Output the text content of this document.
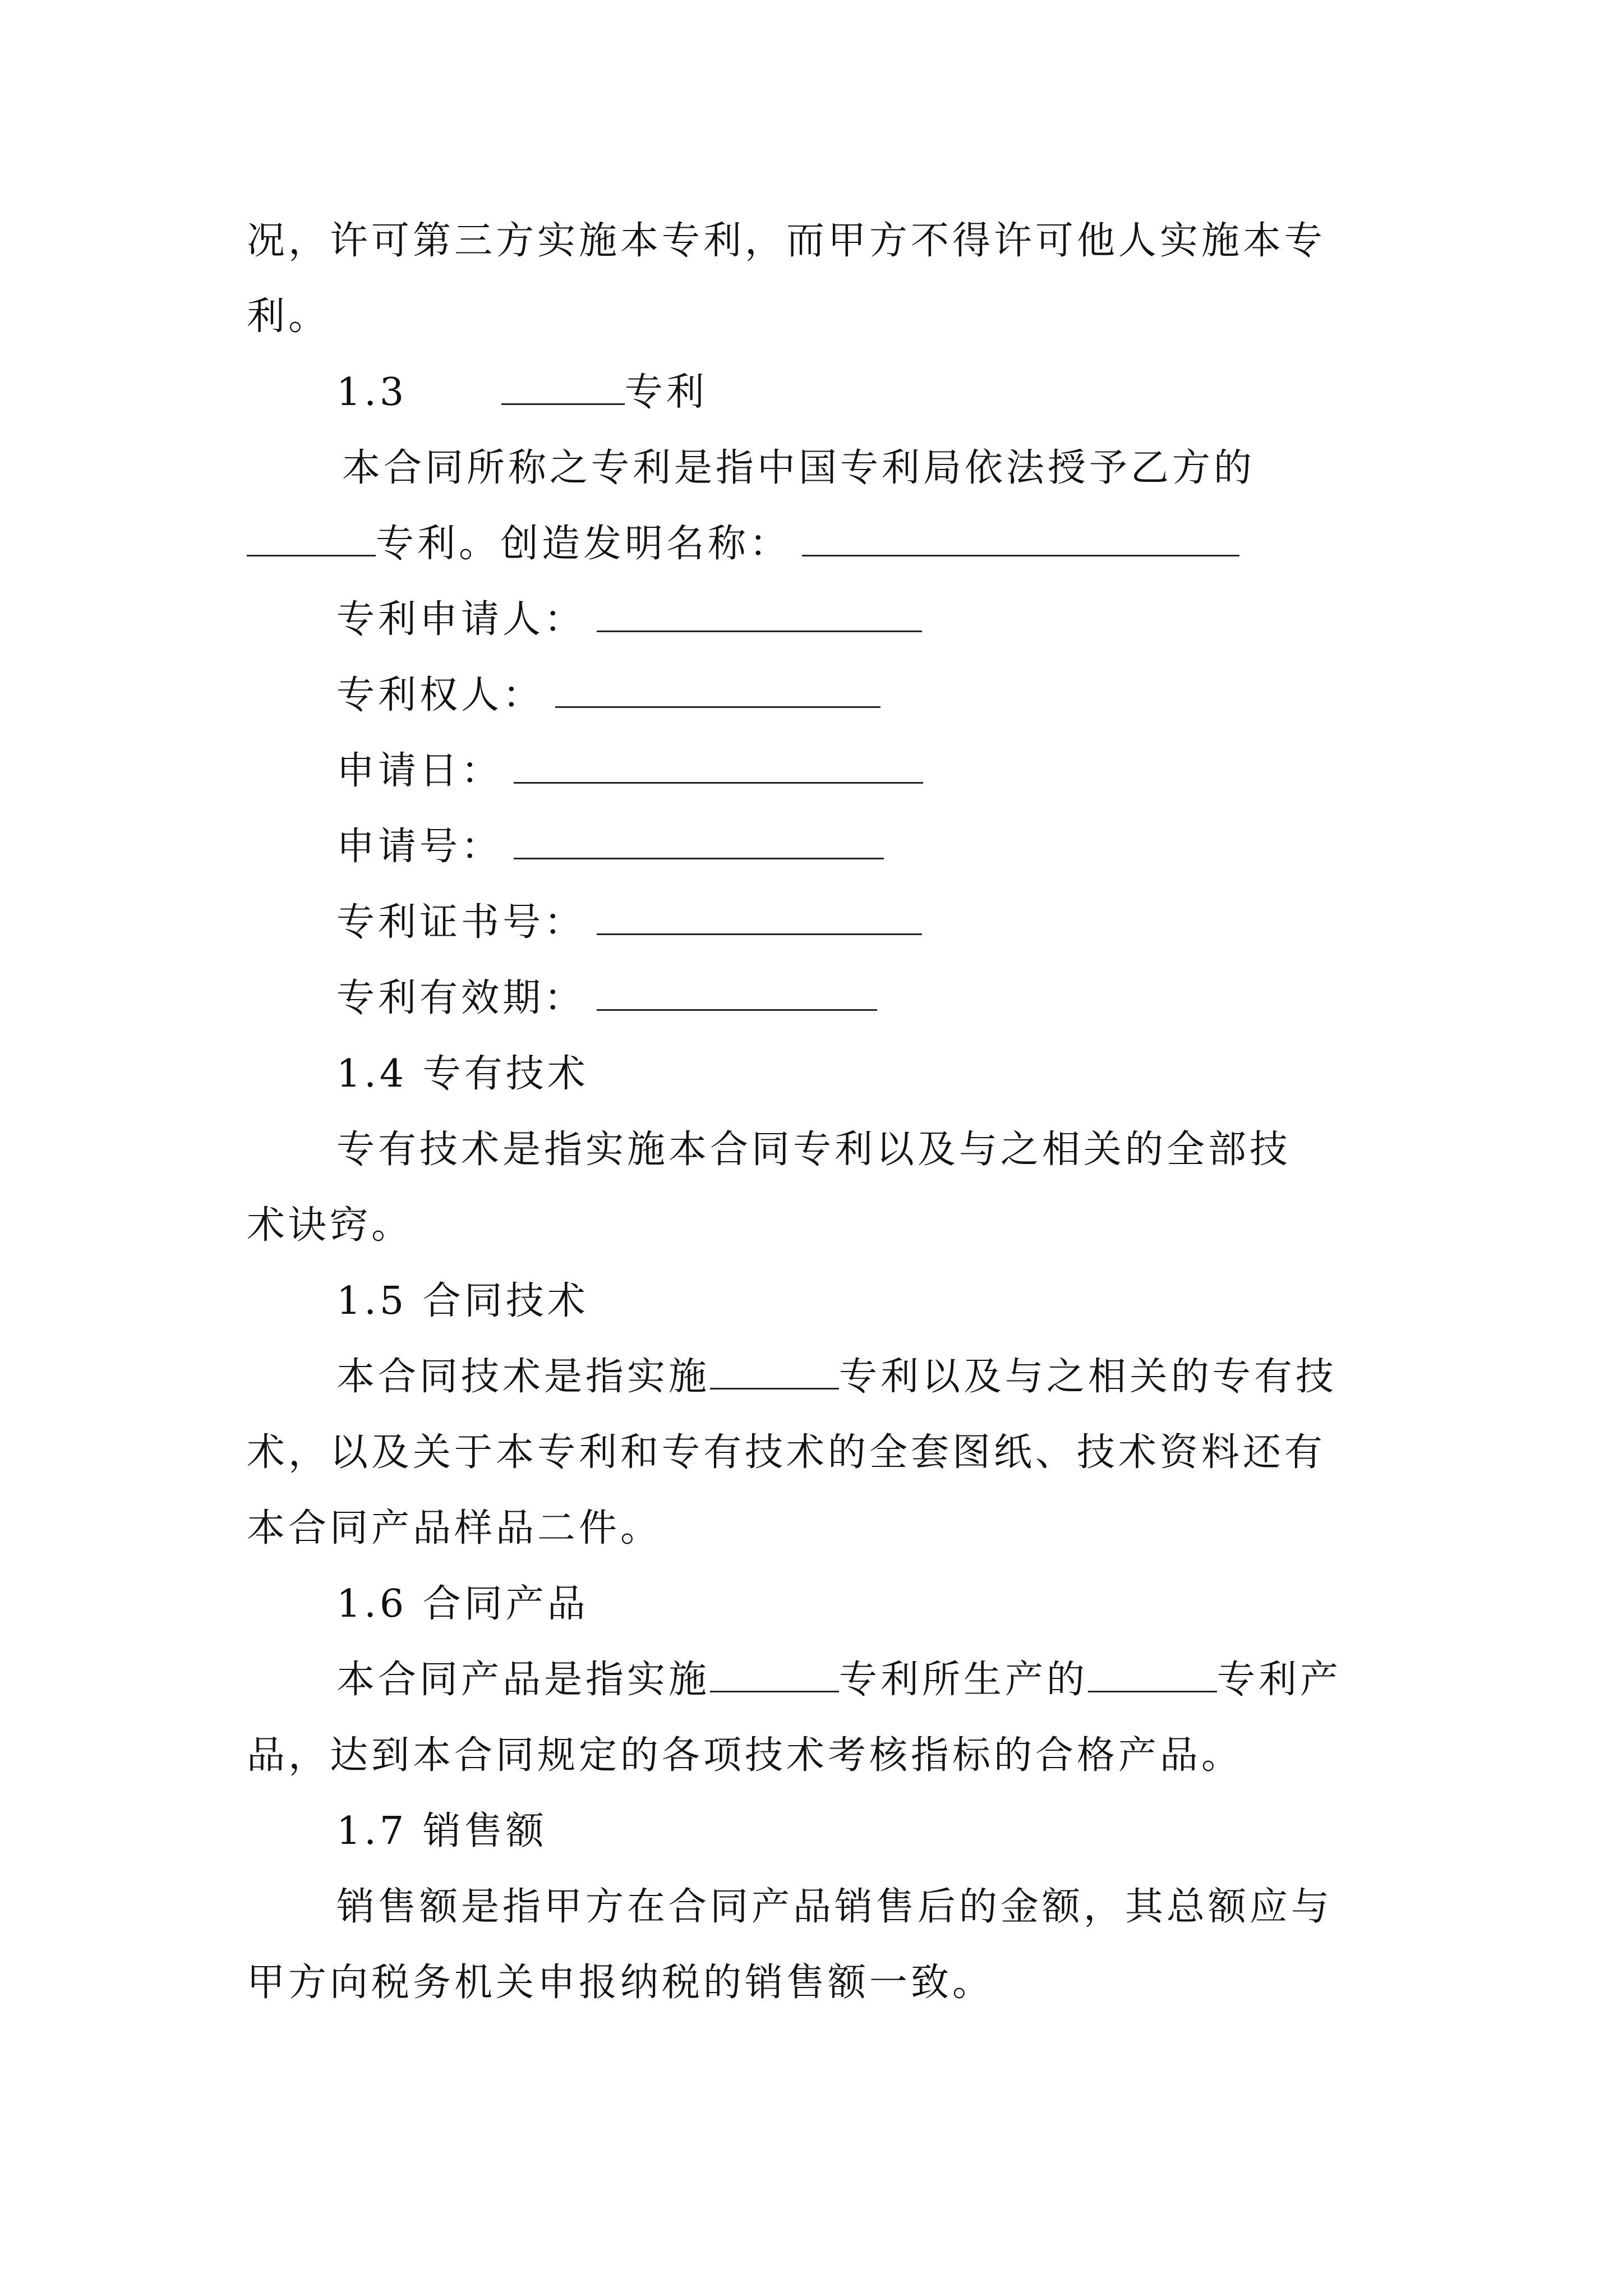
况，许可第三方实施本专利，而甲方不得许可他人实施本专
利。
1.3	专利
本合同所称之专利是指中国专利局依法授予乙方的
专利。创造发明名称：
专利申请人：
专利权人：
申请日：
申请号：
专利证书号：
专利有效期：
1.4 专有技术
专有技术是指实施本合同专利以及与之相关的全部技
术诀窍。
1.5 合同技术
本合同技术是指实施	专利以及与之相关的专有技
术，以及关于本专利和专有技术的全套图纸、技术资料还有
本合同产品样品二件。
1.6 合同产品
本合同产品是指实施	专利所生产的	专利产
品，达到本合同规定的各项技术考核指标的合格产品。
1.7 销售额
销售额是指甲方在合同产品销售后的金额，其总额应与
甲方向税务机关申报纳税的销售额一致。
